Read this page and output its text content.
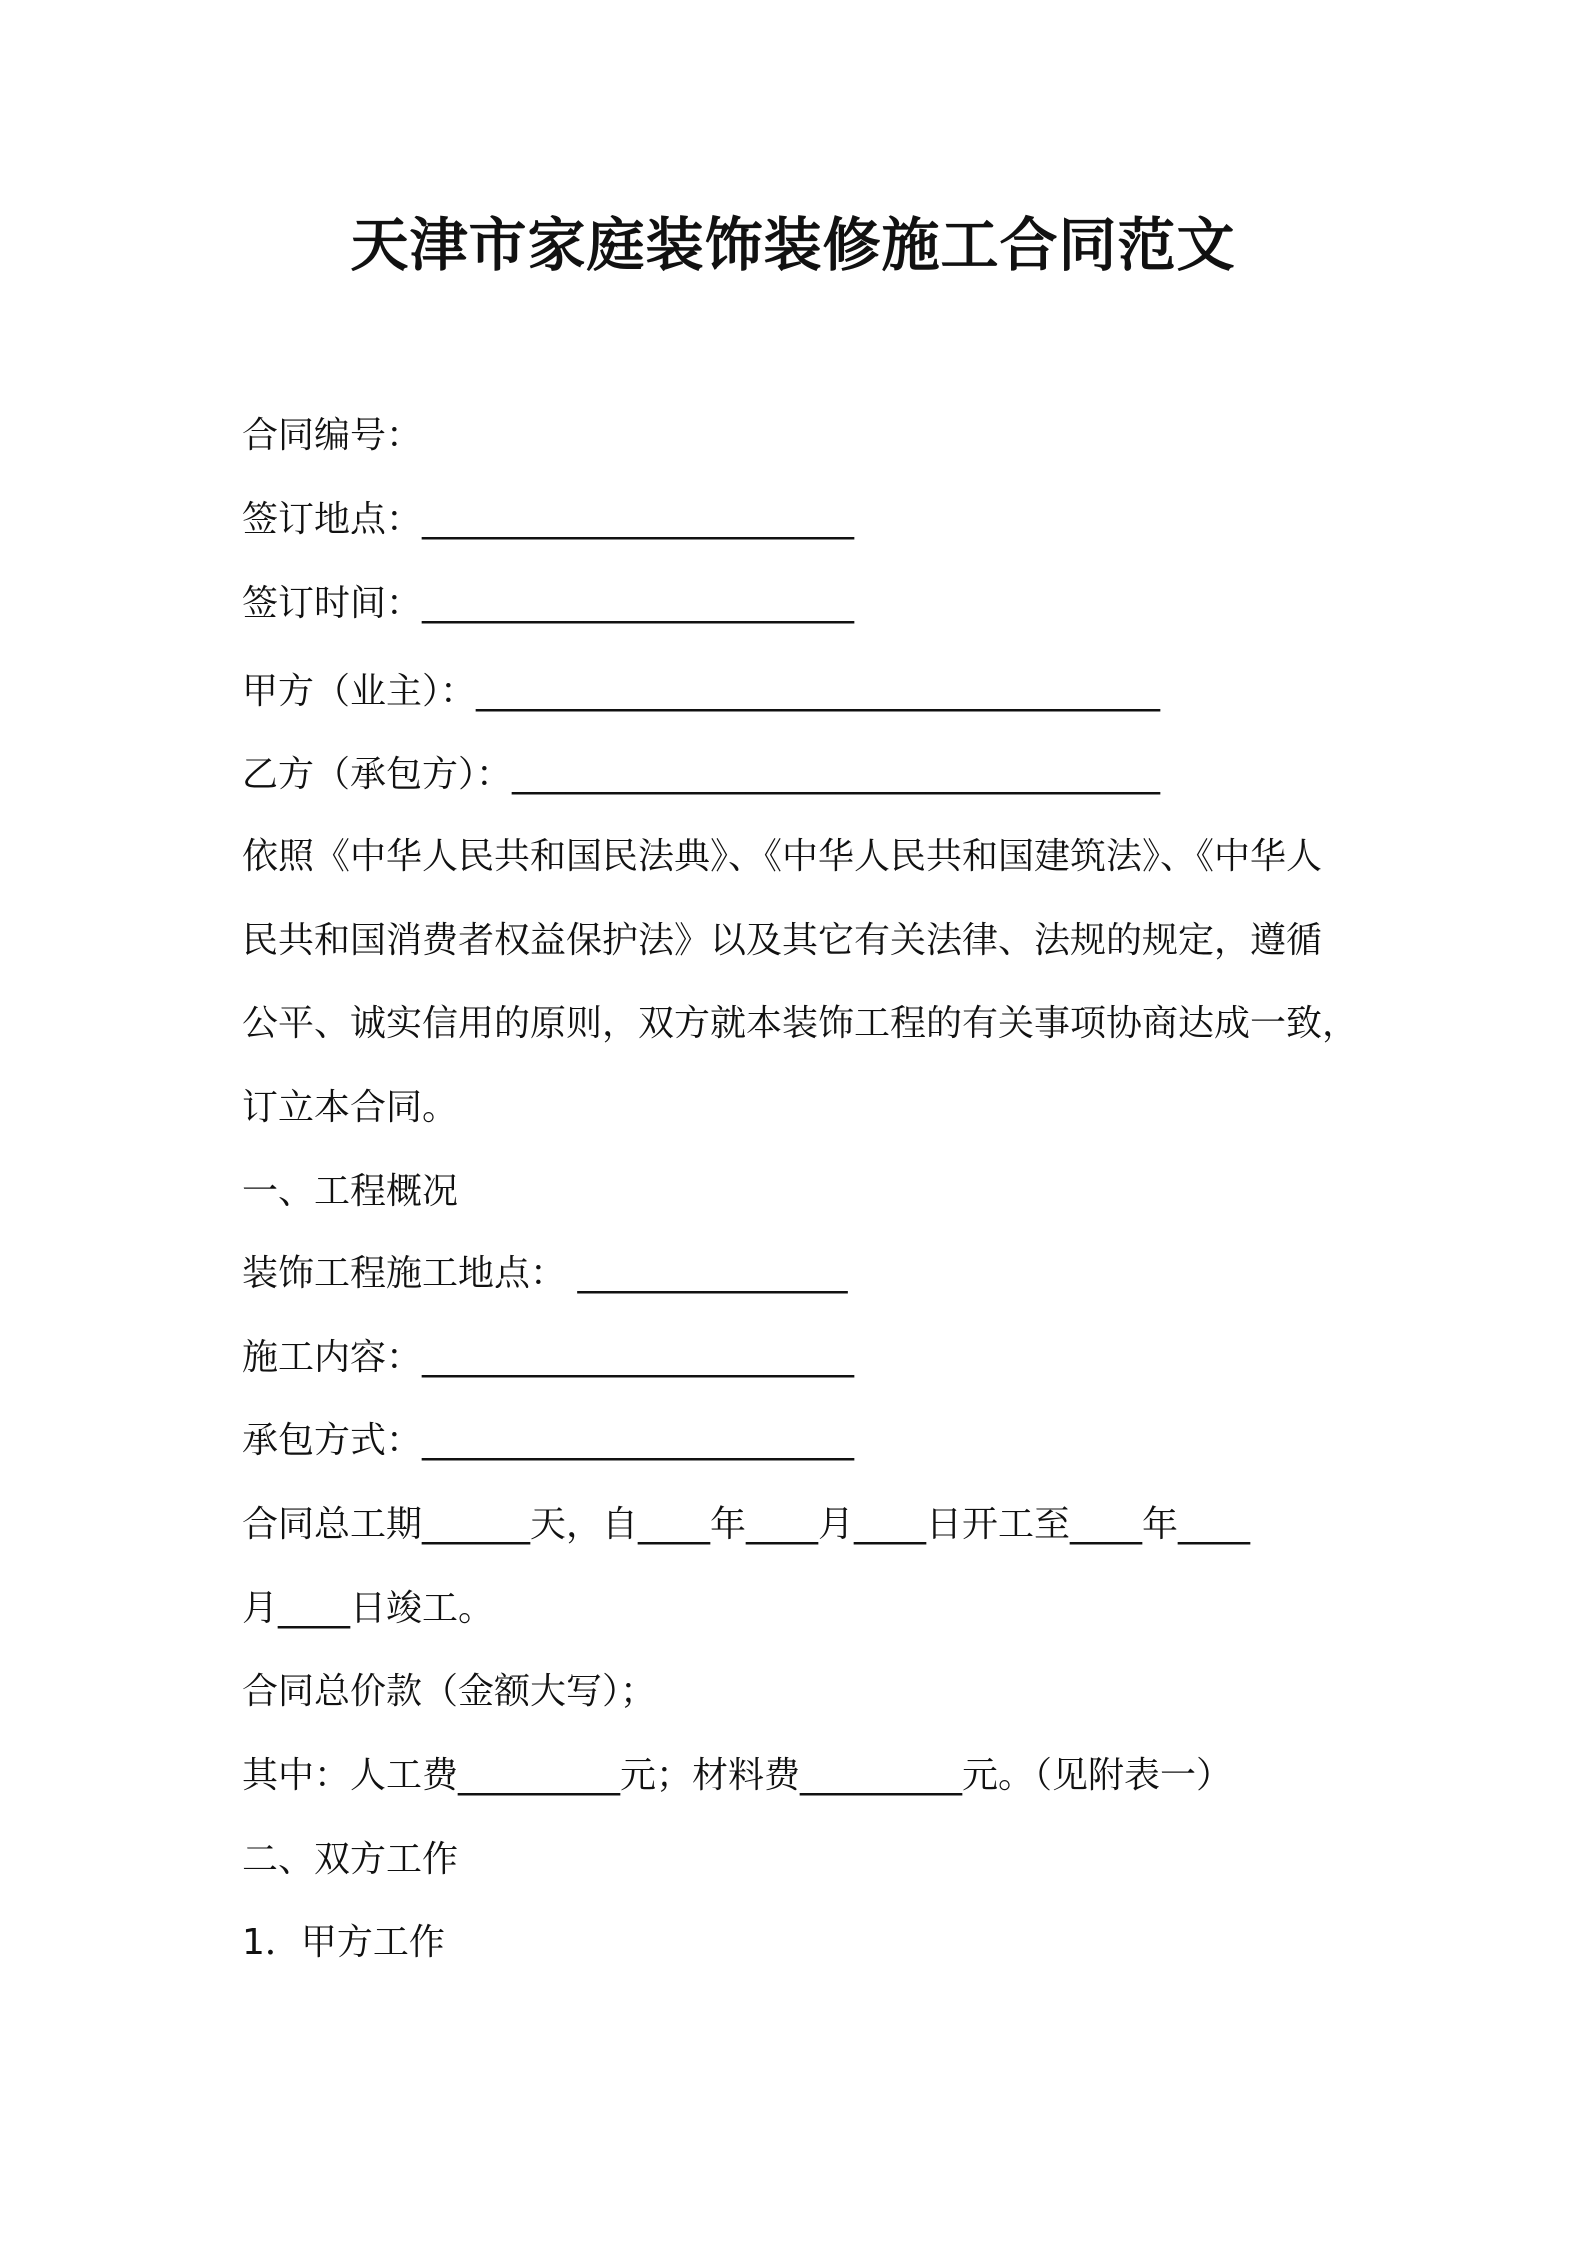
天津市家庭装饰装修施工合同范文
合同编号：
签订地点：________________________
签订时间：________________________
甲方（业主）：______________________________________
乙方（承包方）：____________________________________
依照《中华人民共和国民法典》、《中华人民共和国建筑法》、《中华人
民共和国消费者权益保护法》以及其它有关法律、法规的规定，遵循
公平、诚实信用的原则，双方就本装饰工程的有关事项协商达成一致，
订立本合同。
一、工程概况
装饰工程施工地点： _______________
施工内容：________________________
承包方式：________________________
合同总工期______天，自____年____月____日开工至____年____
月____日竣工。
合同总价款（金额大写）；
其中：人工费_________元；材料费_________元。（见附表一）
二、双方工作
1．甲方工作
